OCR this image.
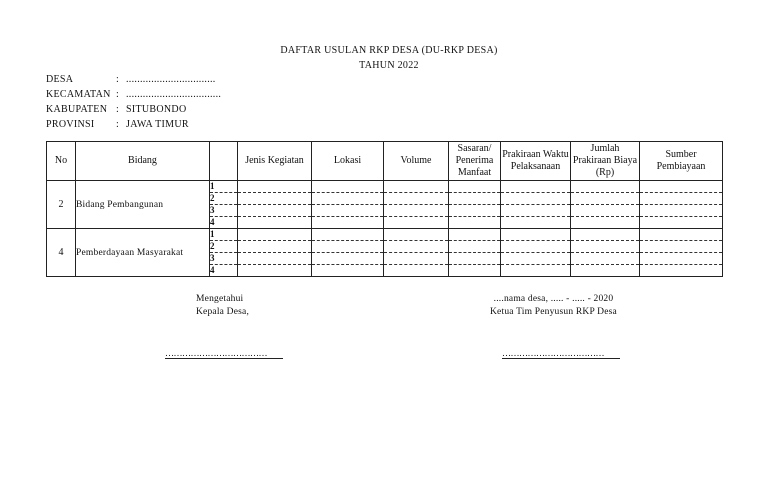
DAFTAR USULAN RKP DESA (DU-RKP DESA)
TAHUN 2022
DESA	: ................................
KECAMATAN : ..................................
KABUPATEN : SITUBONDO
PROVINSI	: JAWA TIMUR
No	Bidang		Jenis Kegiatan	Lokasi	Volume	Sasaran/ Penerima Manfaat	Prakiraan Waktu Pelaksanaan	Jumlah Prakiraan Biaya (Rp)	Sumber Pembiayaan
2	Bidang Pembangunan	1							
		2							
		3							
		4							
4	Pemberdayaan Masyarakat	1							
		2							
		3							
		4							
Mengetahui
Kepala Desa,
....nama desa, ..... - ..... - 2020
Ketua Tim Penyusun RKP Desa
………………………………	………………………………
